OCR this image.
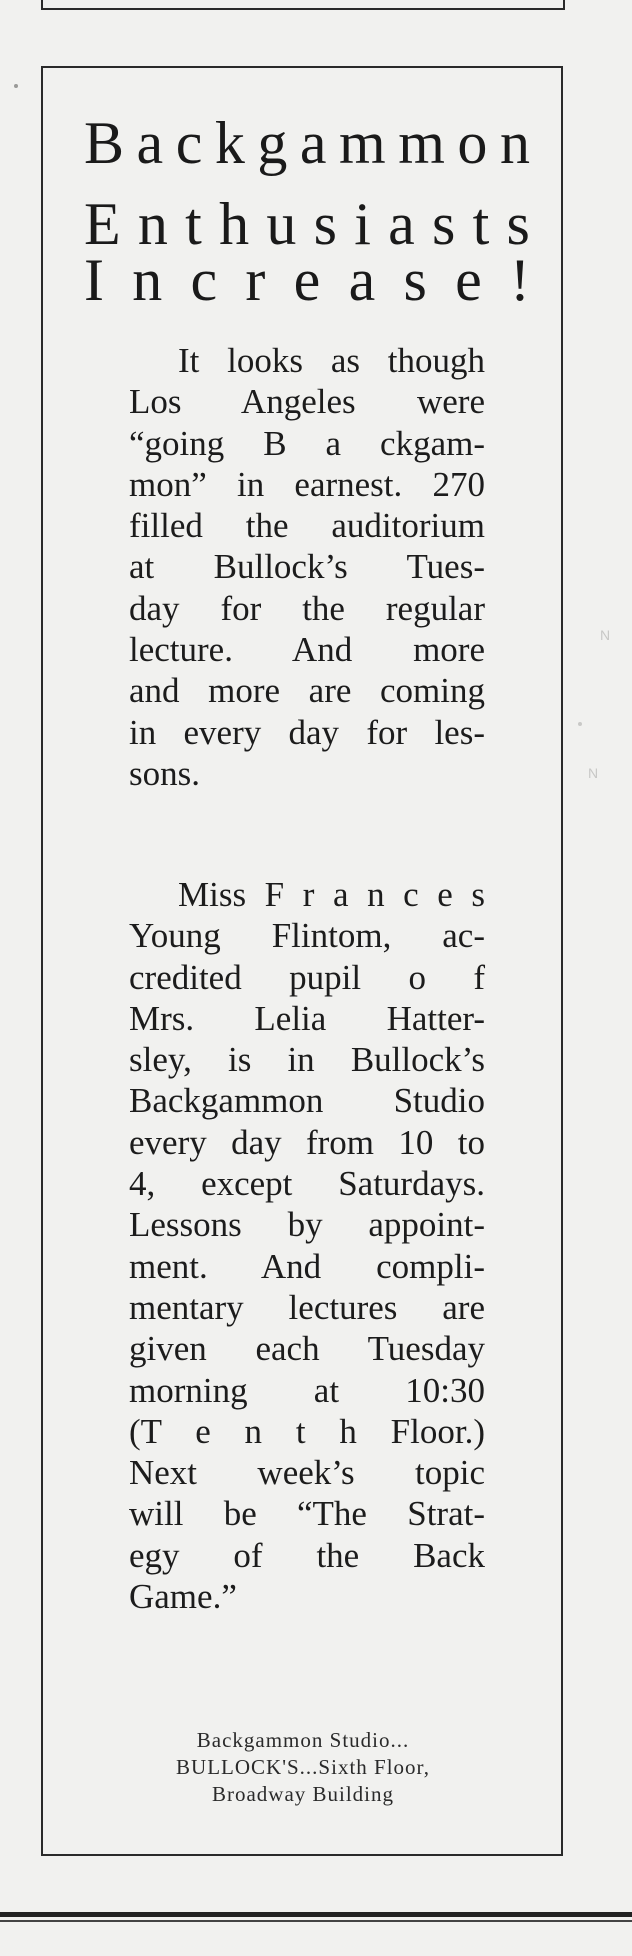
N
N
B a c k g a m m o n
E n t h u s i a s t s
I n c r e a s e !
It looks as though
Los Angeles were
“going B a ckgam-
mon” in earnest. 270
filled the auditorium
at Bullock’s Tues-
day for the regular
lecture. And more
and more are coming
in every day for les-
sons.
Miss F r a n c e s
Young Flintom, ac-
credited pupil o f
Mrs. Lelia Hatter-
sley, is in Bullock’s
Backgammon Studio
every day from 10 to
4, except Saturdays.
Lessons by appoint-
ment. And compli-
mentary lectures are
given each Tuesday
morning at 10:30
(T e n t h Floor.)
Next week’s topic
will be “The Strat-
egy of the Back
Game.”
Backgammon Studio...
BULLOCK'S...Sixth Floor,
Broadway Building
